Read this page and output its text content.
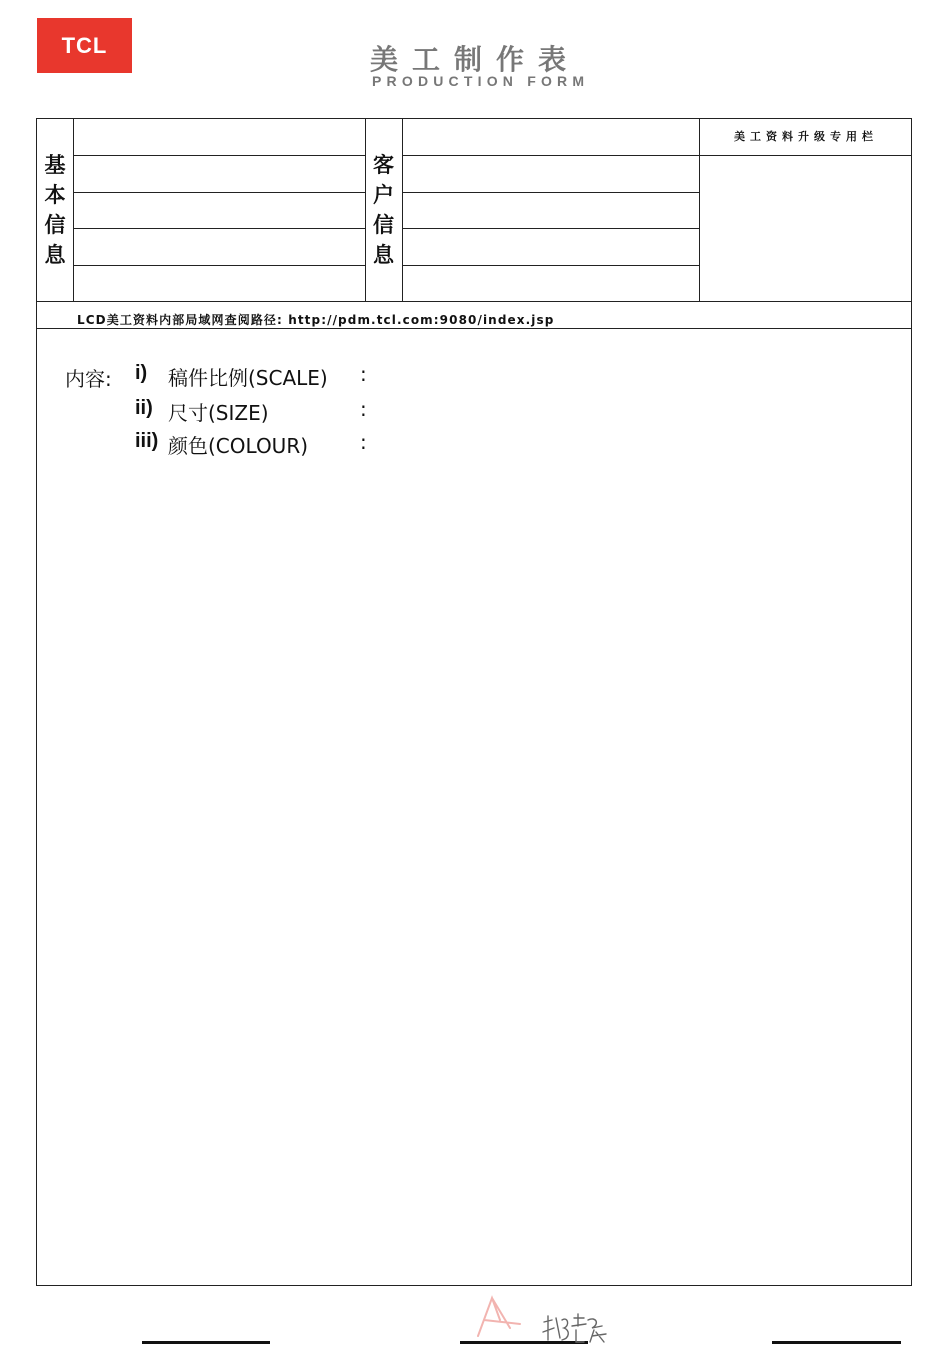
TCL	美工制作表
PRODUCTION FORM
基
本
信
息
客
户
信
息
美工资料升级专用栏
LCD美工资料内部局域网查阅路径: http://pdm.tcl.com:9080/index.jsp
内容: i) 稿件比例(SCALE) :
ii) 尺寸(SIZE)	:
iii) 颜色(COLOUR)	:
